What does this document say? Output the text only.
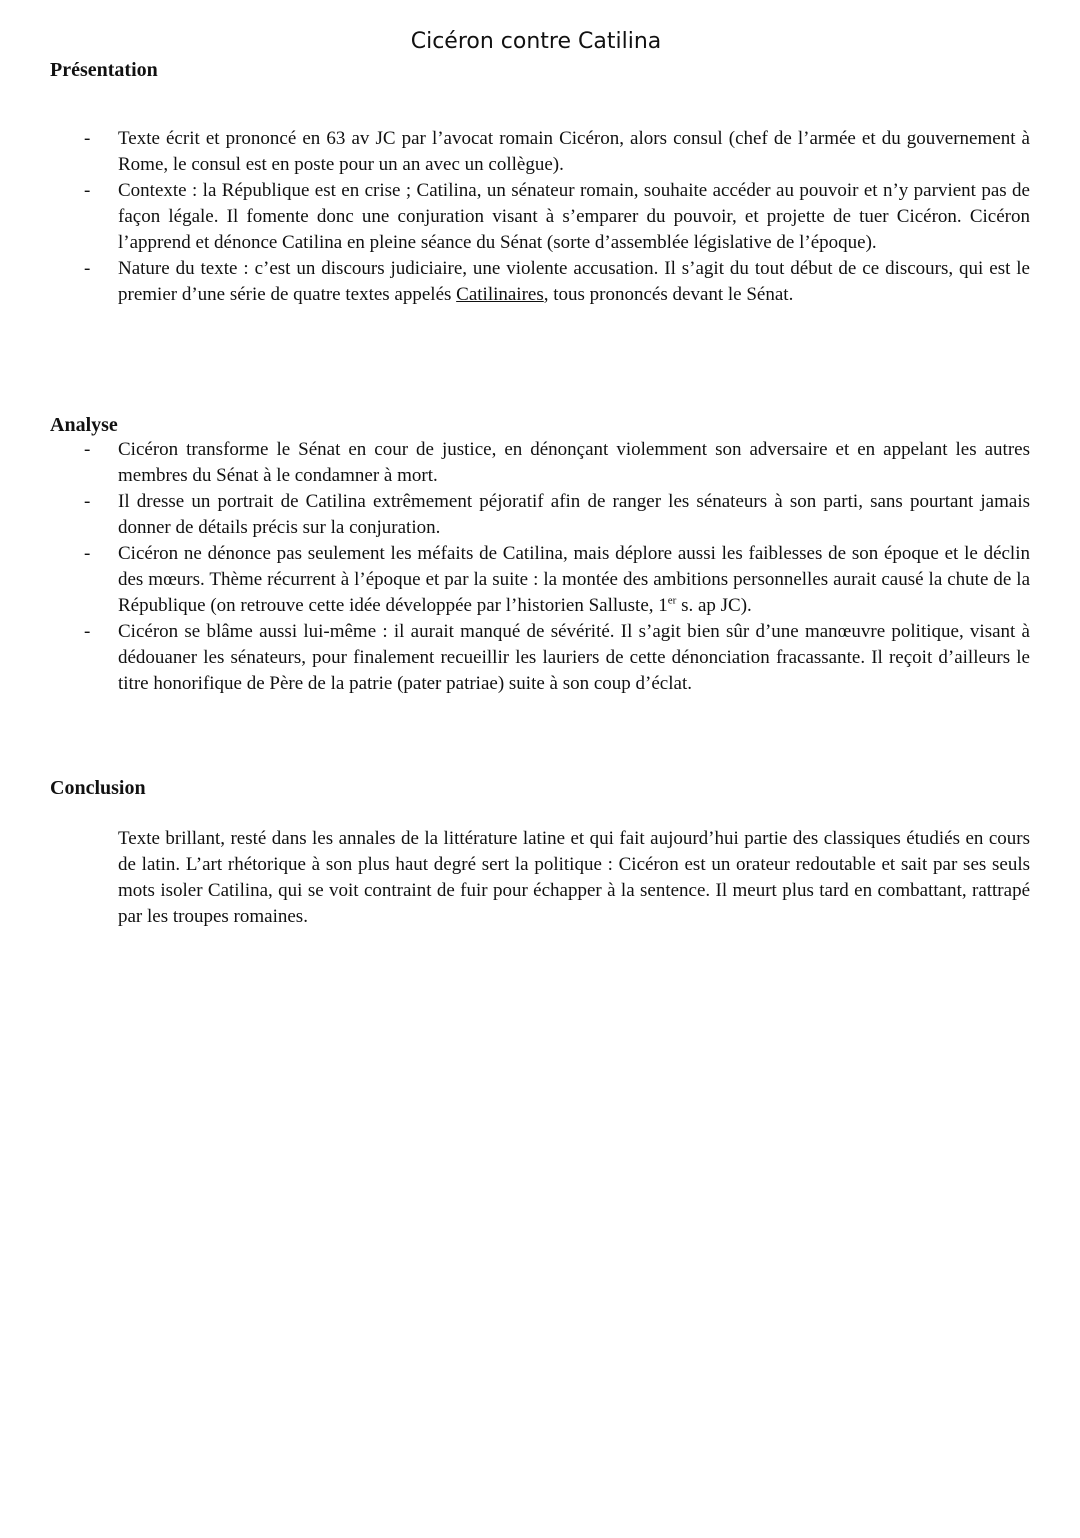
Cicéron contre Catilina
Présentation
-	Texte écrit et prononcé en 63 av JC par l’avocat romain Cicéron, alors consul (chef de l’armée et du gouvernement à Rome, le consul est en poste pour un an avec un collègue).
-	Contexte : la République est en crise ; Catilina, un sénateur romain, souhaite accéder au pouvoir et n’y parvient pas de façon légale. Il fomente donc une conjuration visant à s’emparer du pouvoir, et projette de tuer Cicéron. Cicéron l’apprend et dénonce Catilina en pleine séance du Sénat (sorte d’assemblée législative de l’époque).
-	Nature du texte : c’est un discours judiciaire, une violente accusation. Il s’agit du tout début de ce discours, qui est le premier d’une série de quatre textes appelés Catilinaires, tous prononcés devant le Sénat.
Analyse
-	Cicéron transforme le Sénat en cour de justice, en dénonçant violemment son adversaire et en appelant les autres membres du Sénat à le condamner à mort.
-	Il dresse un portrait de Catilina extrêmement péjoratif afin de ranger les sénateurs à son parti, sans pourtant jamais donner de détails précis sur la conjuration.
-	Cicéron ne dénonce pas seulement les méfaits de Catilina, mais déplore aussi les faiblesses de son époque et le déclin des mœurs. Thème récurrent à l’époque et par la suite : la montée des ambitions personnelles aurait causé la chute de la République (on retrouve cette idée développée par l’historien Salluste, 1er s. ap JC).
-	Cicéron se blâme aussi lui-même : il aurait manqué de sévérité. Il s’agit bien sûr d’une manœuvre politique, visant à dédouaner les sénateurs, pour finalement recueillir les lauriers de cette dénonciation fracassante. Il reçoit d’ailleurs le titre honorifique de Père de la patrie (pater patriae) suite à son coup d’éclat.
Conclusion

Texte brillant, resté dans les annales de la littérature latine et qui fait aujourd’hui partie des classiques étudiés en cours de latin. L’art rhétorique à son plus haut degré sert la politique : Cicéron est un orateur redoutable et sait par ses seuls mots isoler Catilina, qui se voit contraint de fuir pour échapper à la sentence. Il meurt plus tard en combattant, rattrapé par les troupes romaines.
